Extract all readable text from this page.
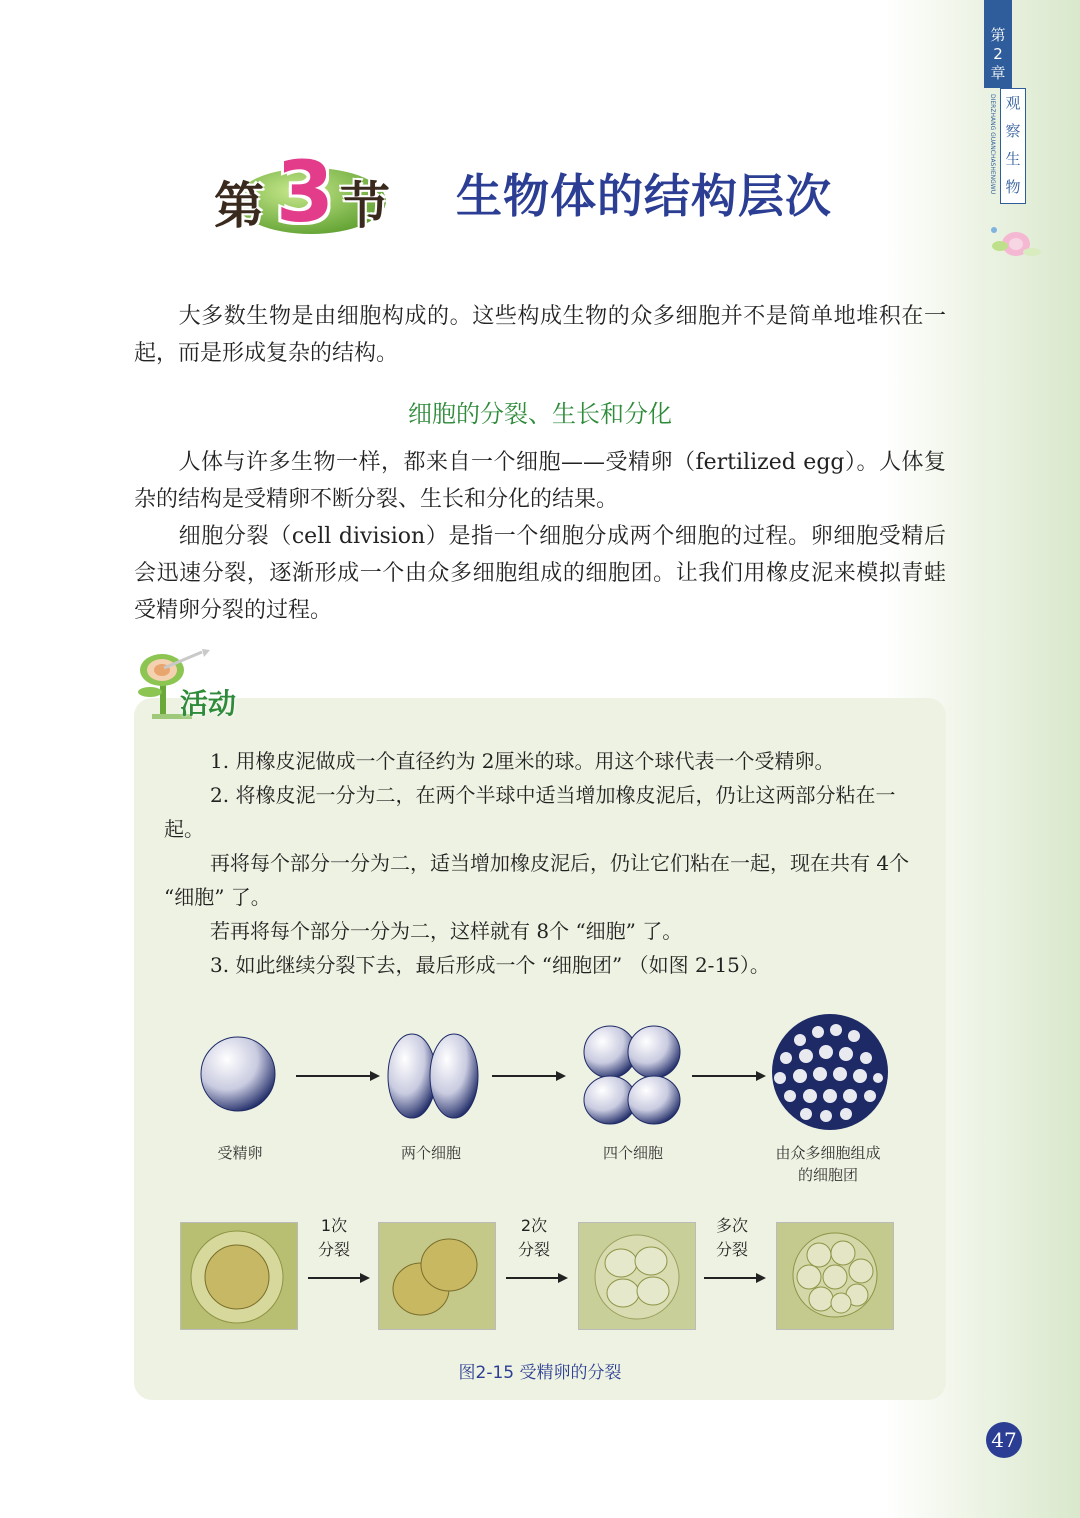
第
2
章
DIERZHANG GUANCHASHENGWU 观
察
生
物
第 3 节 生物体的结构层次

大多数生物是由细胞构成的。这些构成生物的众多细胞并不是简单地堆积在一起，而是形成复杂的结构。

细胞的分裂、生长和分化

人体与许多生物一样，都来自一个细胞——受精卵（fertilized egg）。人体复杂的结构是受精卵不断分裂、生长和分化的结果。

细胞分裂（cell division）是指一个细胞分成两个细胞的过程。卵细胞受精后会迅速分裂，逐渐形成一个由众多细胞组成的细胞团。让我们用橡皮泥来模拟青蛙受精卵分裂的过程。

活动

1. 用橡皮泥做成一个直径约为 2厘米的球。用这个球代表一个受精卵。

2. 将橡皮泥一分为二，在两个半球中适当增加橡皮泥后，仍让这两部分粘在一起。

再将每个部分一分为二，适当增加橡皮泥后，仍让它们粘在一起，现在共有 4个 “细胞” 了。

若再将每个部分一分为二，这样就有 8个 “细胞” 了。

3. 如此继续分裂下去，最后形成一个 “细胞团” （如图 2-15）。

受精卵	两个细胞	四个细胞	由众多细胞组成
的细胞团
1次
分裂
2次
分裂
多次
分裂
图2-15 受精卵的分裂
47
